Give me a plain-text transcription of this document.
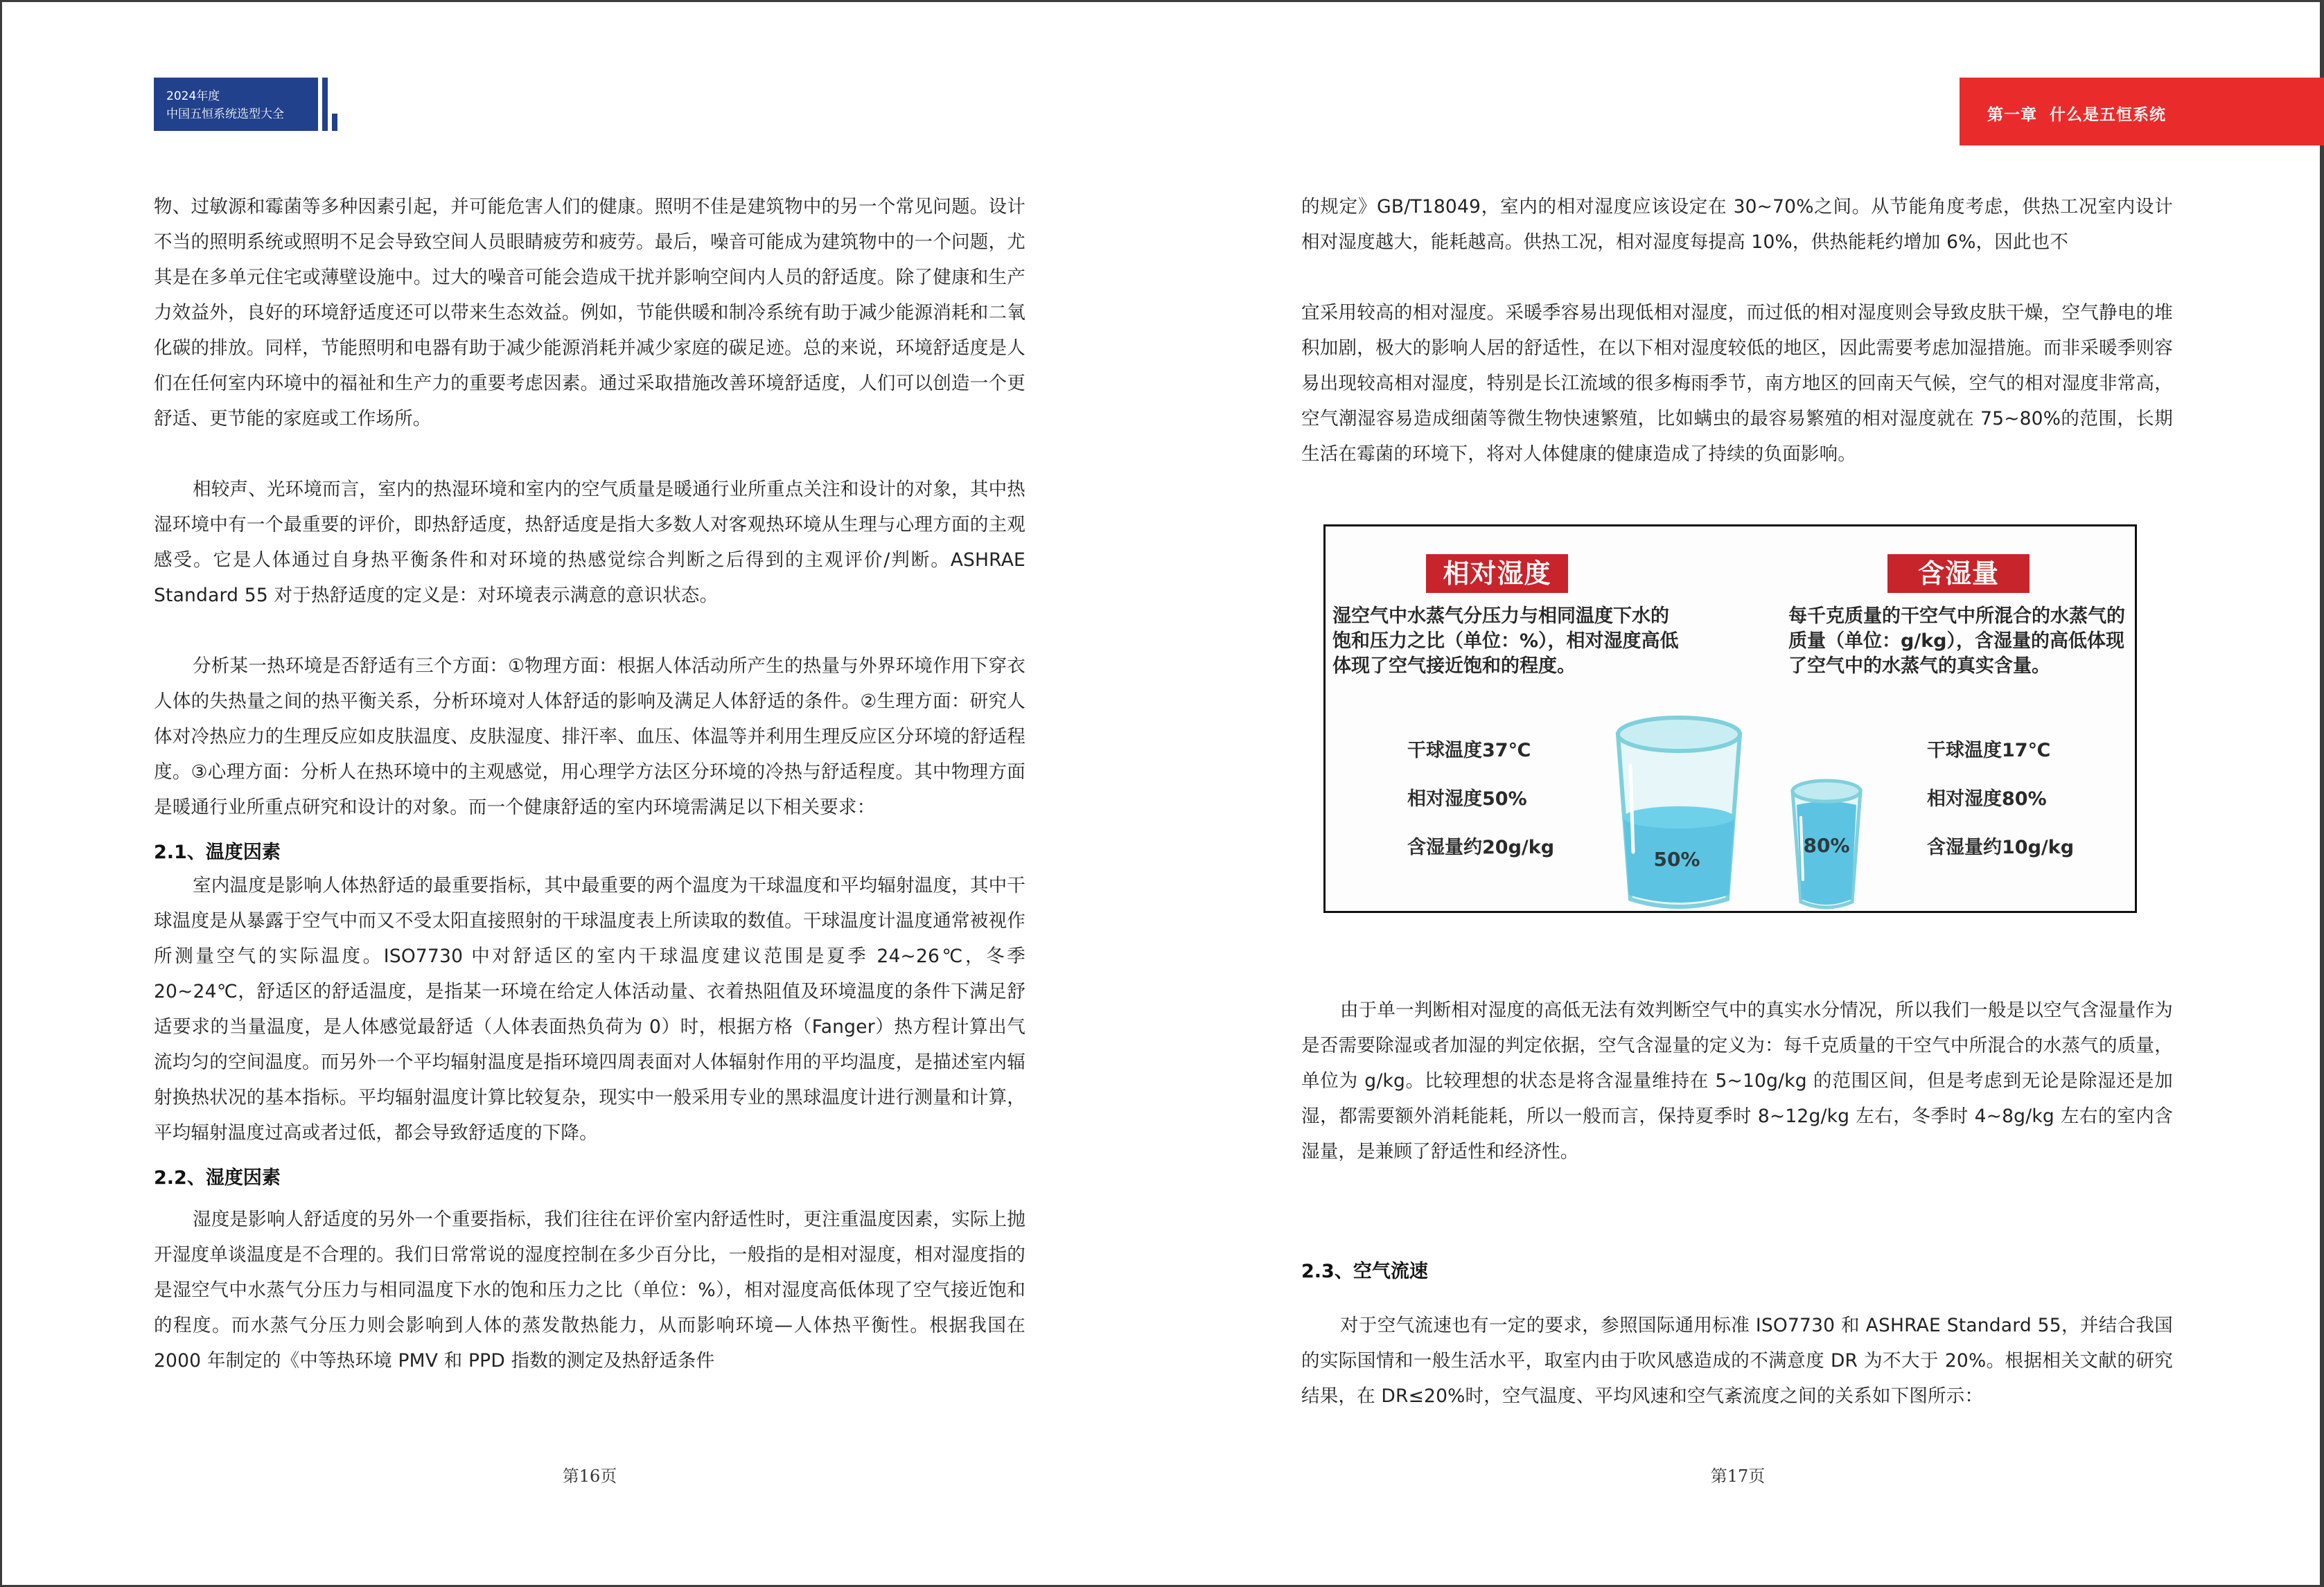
2024年度
中国五恒系统选型大全	第一章 什么是五恒系统

物、过敏源和霉菌等多种因素引起，并可能危害人们的健康。照明不佳是建筑物中的另一个常见问题。设计不当的照明系统或照明不足会导致空间人员眼睛疲劳和疲劳。最后，噪音可能成为建筑物中的一个问题，尤其是在多单元住宅或薄壁设施中。过大的噪音可能会造成干扰并影响空间内人员的舒适度。除了健康和生产力效益外，良好的环境舒适度还可以带来生态效益。例如，节能供暖和制冷系统有助于减少能源消耗和二氧化碳的排放。同样，节能照明和电器有助于减少能源消耗并减少家庭的碳足迹。总的来说，环境舒适度是人们在任何室内环境中的福祉和生产力的重要考虑因素。通过采取措施改善环境舒适度，人们可以创造一个更舒适、更节能的家庭或工作场所。

相较声、光环境而言，室内的热湿环境和室内的空气质量是暖通行业所重点关注和设计的对象，其中热湿环境中有一个最重要的评价，即热舒适度，热舒适度是指大多数人对客观热环境从生理与心理方面的主观感受。它是人体通过自身热平衡条件和对环境的热感觉综合判断之后得到的主观评价/判断。ASHRAE Standard 55 对于热舒适度的定义是：对环境表示满意的意识状态。

分析某一热环境是否舒适有三个方面：①物理方面：根据人体活动所产生的热量与外界环境作用下穿衣人体的失热量之间的热平衡关系，分析环境对人体舒适的影响及满足人体舒适的条件。②生理方面：研究人体对冷热应力的生理反应如皮肤温度、皮肤湿度、排汗率、血压、体温等并利用生理反应区分环境的舒适程度。③心理方面：分析人在热环境中的主观感觉，用心理学方法区分环境的冷热与舒适程度。其中物理方面是暖通行业所重点研究和设计的对象。而一个健康舒适的室内环境需满足以下相关要求：

2.1、温度因素

室内温度是影响人体热舒适的最重要指标，其中最重要的两个温度为干球温度和平均辐射温度，其中干球温度是从暴露于空气中而又不受太阳直接照射的干球温度表上所读取的数值。干球温度计温度通常被视作所测量空气的实际温度。ISO7730 中对舒适区的室内干球温度建议范围是夏季 24~26℃，冬季 20~24℃，舒适区的舒适温度，是指某一环境在给定人体活动量、衣着热阻值及环境温度的条件下满足舒适要求的当量温度，是人体感觉最舒适（人体表面热负荷为 0）时，根据方格（Fanger）热方程计算出气流均匀的空间温度。而另外一个平均辐射温度是指环境四周表面对人体辐射作用的平均温度，是描述室内辐射换热状况的基本指标。平均辐射温度计算比较复杂，现实中一般采用专业的黑球温度计进行测量和计算，平均辐射温度过高或者过低，都会导致舒适度的下降。

2.2、湿度因素

湿度是影响人舒适度的另外一个重要指标，我们往往在评价室内舒适性时，更注重温度因素，实际上抛开湿度单谈温度是不合理的。我们日常常说的湿度控制在多少百分比，一般指的是相对湿度，相对湿度指的是湿空气中水蒸气分压力与相同温度下水的饱和压力之比（单位：%），相对湿度高低体现了空气接近饱和的程度。而水蒸气分压力则会影响到人体的蒸发散热能力，从而影响环境—人体热平衡性。根据我国在 2000 年制定的《中等热环境 PMV 和 PPD 指数的测定及热舒适条件

第16页

的规定》GB/T18049，室内的相对湿度应该设定在 30~70%之间。从节能角度考虑，供热工况室内设计相对湿度越大，能耗越高。供热工况，相对湿度每提高 10%，供热能耗约增加 6%，因此也不

宜采用较高的相对湿度。采暖季容易出现低相对湿度，而过低的相对湿度则会导致皮肤干燥，空气静电的堆积加剧，极大的影响人居的舒适性，在以下相对湿度较低的地区，因此需要考虑加湿措施。而非采暖季则容易出现较高相对湿度，特别是长江流域的很多梅雨季节，南方地区的回南天气候，空气的相对湿度非常高，空气潮湿容易造成细菌等微生物快速繁殖，比如螨虫的最容易繁殖的相对湿度就在 75~80%的范围，长期生活在霉菌的环境下，将对人体健康的健康造成了持续的负面影响。

相对湿度
湿空气中水蒸气分压力与相同温度下水的饱和压力之比（单位：%），相对湿度高低体现了空气接近饱和的程度。
含湿量
每千克质量的干空气中所混合的水蒸气的质量（单位：g/kg），含湿量的高低体现了空气中的水蒸气的真实含量。
干球温度37℃
相对湿度50%
含湿量约20g/kg
干球温度17℃
相对湿度80%
含湿量约10g/kg
50%
80%

由于单一判断相对湿度的高低无法有效判断空气中的真实水分情况，所以我们一般是以空气含湿量作为是否需要除湿或者加湿的判定依据，空气含湿量的定义为：每千克质量的干空气中所混合的水蒸气的质量，单位为 g/kg。比较理想的状态是将含湿量维持在 5~10g/kg 的范围区间，但是考虑到无论是除湿还是加湿，都需要额外消耗能耗，所以一般而言，保持夏季时 8~12g/kg 左右，冬季时 4~8g/kg 左右的室内含湿量，是兼顾了舒适性和经济性。

2.3、空气流速

对于空气流速也有一定的要求，参照国际通用标准 ISO7730 和 ASHRAE Standard 55，并结合我国的实际国情和一般生活水平，取室内由于吹风感造成的不满意度 DR 为不大于 20%。根据相关文献的研究结果，在 DR≤20%时，空气温度、平均风速和空气紊流度之间的关系如下图所示：

第17页
